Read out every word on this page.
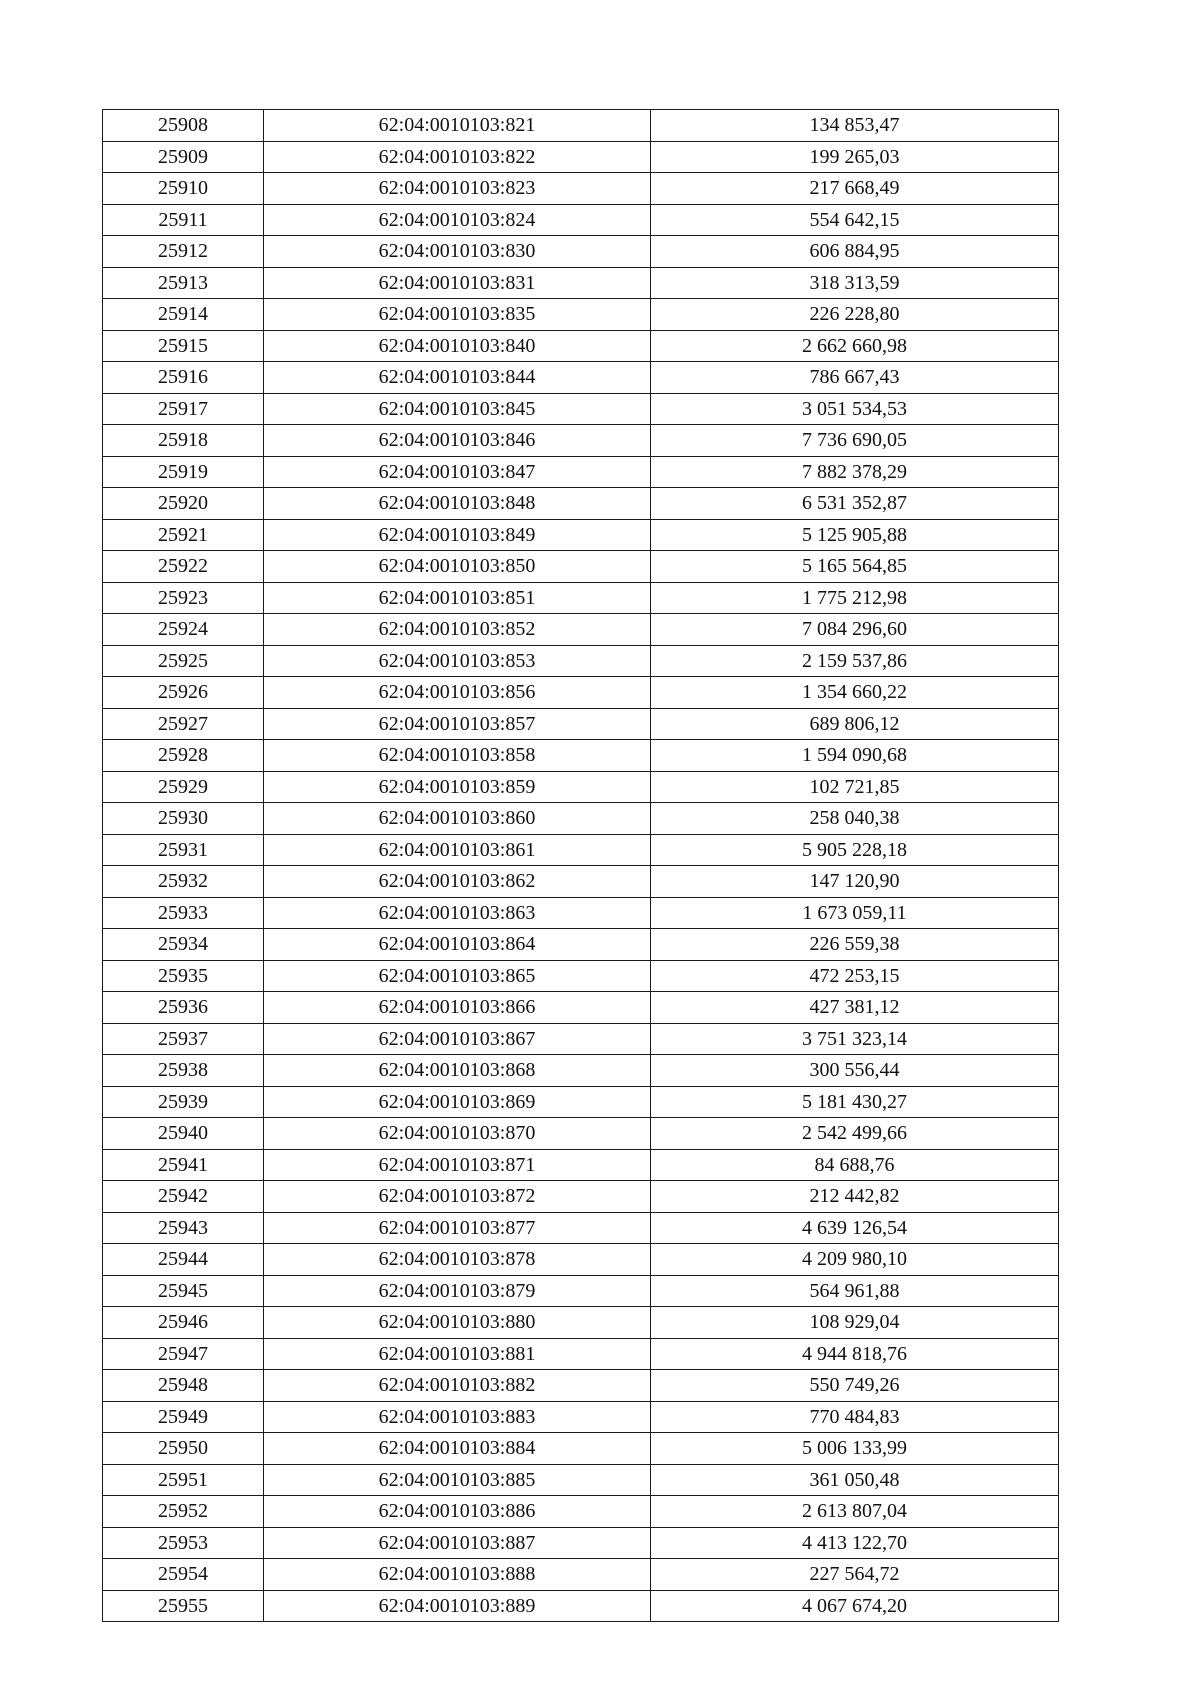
25908	62:04:0010103:821	134 853,47
25909	62:04:0010103:822	199 265,03
25910	62:04:0010103:823	217 668,49
25911	62:04:0010103:824	554 642,15
25912	62:04:0010103:830	606 884,95
25913	62:04:0010103:831	318 313,59
25914	62:04:0010103:835	226 228,80
25915	62:04:0010103:840	2 662 660,98
25916	62:04:0010103:844	786 667,43
25917	62:04:0010103:845	3 051 534,53
25918	62:04:0010103:846	7 736 690,05
25919	62:04:0010103:847	7 882 378,29
25920	62:04:0010103:848	6 531 352,87
25921	62:04:0010103:849	5 125 905,88
25922	62:04:0010103:850	5 165 564,85
25923	62:04:0010103:851	1 775 212,98
25924	62:04:0010103:852	7 084 296,60
25925	62:04:0010103:853	2 159 537,86
25926	62:04:0010103:856	1 354 660,22
25927	62:04:0010103:857	689 806,12
25928	62:04:0010103:858	1 594 090,68
25929	62:04:0010103:859	102 721,85
25930	62:04:0010103:860	258 040,38
25931	62:04:0010103:861	5 905 228,18
25932	62:04:0010103:862	147 120,90
25933	62:04:0010103:863	1 673 059,11
25934	62:04:0010103:864	226 559,38
25935	62:04:0010103:865	472 253,15
25936	62:04:0010103:866	427 381,12
25937	62:04:0010103:867	3 751 323,14
25938	62:04:0010103:868	300 556,44
25939	62:04:0010103:869	5 181 430,27
25940	62:04:0010103:870	2 542 499,66
25941	62:04:0010103:871	84 688,76
25942	62:04:0010103:872	212 442,82
25943	62:04:0010103:877	4 639 126,54
25944	62:04:0010103:878	4 209 980,10
25945	62:04:0010103:879	564 961,88
25946	62:04:0010103:880	108 929,04
25947	62:04:0010103:881	4 944 818,76
25948	62:04:0010103:882	550 749,26
25949	62:04:0010103:883	770 484,83
25950	62:04:0010103:884	5 006 133,99
25951	62:04:0010103:885	361 050,48
25952	62:04:0010103:886	2 613 807,04
25953	62:04:0010103:887	4 413 122,70
25954	62:04:0010103:888	227 564,72
25955	62:04:0010103:889	4 067 674,20
